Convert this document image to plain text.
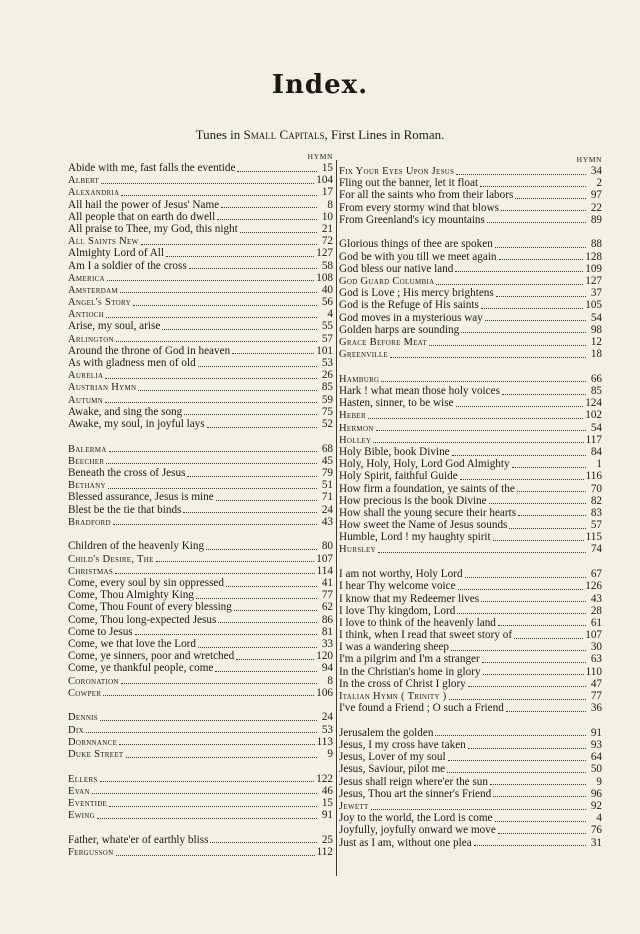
Index.

Tunes in Small Capitals, First Lines in Roman.

HYMN
Abide with me, fast falls the eventide	15
Albert	104
Alexandria	17
All hail the power of Jesus' Name	8
All people that on earth do dwell	10
All praise to Thee, my God, this night	21
All Saints New	72
Almighty Lord of All	127
Am I a soldier of the cross	58
America	108
Amsterdam	40
Angel's Story	56
Antioch	4
Arise, my soul, arise	55
Arlington	57
Around the throne of God in heaven	101
As with gladness men of old	53
Aurelia	26
Austrian Hymn	85
Autumn	59
Awake, and sing the song	75
Awake, my soul, in joyful lays	52
Balerma	68
Beecher	45
Beneath the cross of Jesus	79
Bethany	51
Blessed assurance, Jesus is mine	71
Blest be the tie that binds	24
Bradford	43
Children of the heavenly King	80
Child's Desire, The	107
Christmas	114
Come, every soul by sin oppressed	41
Come, Thou Almighty King	77
Come, Thou Fount of every blessing	62
Come, Thou long-expected Jesus	86
Come to Jesus	81
Come, we that love the Lord	33
Come, ye sinners, poor and wretched	120
Come, ye thankful people, come	94
Coronation	8
Cowper	106
Dennis	24
Dix	53
Dornnance	113
Duke Street	9
Ellers	122
Evan	46
Eventide	15
Ewing	91
Father, whate'er of earthly bliss	25
Fergusson	112
HYMN
Fix Your Eyes Upon Jesus	34
Fling out the banner, let it float	2
For all the saints who from their labors	97
From every stormy wind that blows	22
From Greenland's icy mountains	89
Glorious things of thee are spoken	88
God be with you till we meet again	128
God bless our native land	109
God Guard Columbia	127
God is Love ; His mercy brightens	37
God is the Refuge of His saints	105
God moves in a mysterious way	54
Golden harps are sounding	98
Grace Before Meat	12
Greenville	18
Hamburg	66
Hark ! what mean those holy voices	85
Hasten, sinner, to be wise	124
Heber	102
Hermon	54
Holley	117
Holy Bible, book Divine	84
Holy, Holy, Holy, Lord God Almighty	1
Holy Spirit, faithful Guide	116
How firm a foundation, ye saints of the	70
How precious is the book Divine	82
How shall the young secure their hearts	83
How sweet the Name of Jesus sounds	57
Humble, Lord ! my haughty spirit	115
Hursley	74
I am not worthy, Holy Lord	67
I hear Thy welcome voice	126
I know that my Redeemer lives	43
I love Thy kingdom, Lord	28
I love to think of the heavenly land	61
I think, when I read that sweet story of	107
I was a wandering sheep	30
I'm a pilgrim and I'm a stranger	63
In the Christian's home in glory	110
In the cross of Christ I glory	47
Italian Hymn ( Trinity )	77
I've found a Friend ; O such a Friend	36
Jerusalem the golden	91
Jesus, I my cross have taken	93
Jesus, Lover of my soul	64
Jesus, Saviour, pilot me	50
Jesus shall reign where'er the sun	9
Jesus, Thou art the sinner's Friend	96
Jewett	92
Joy to the world, the Lord is come	4
Joyfully, joyfully onward we move	76
Just as I am, without one plea	31
